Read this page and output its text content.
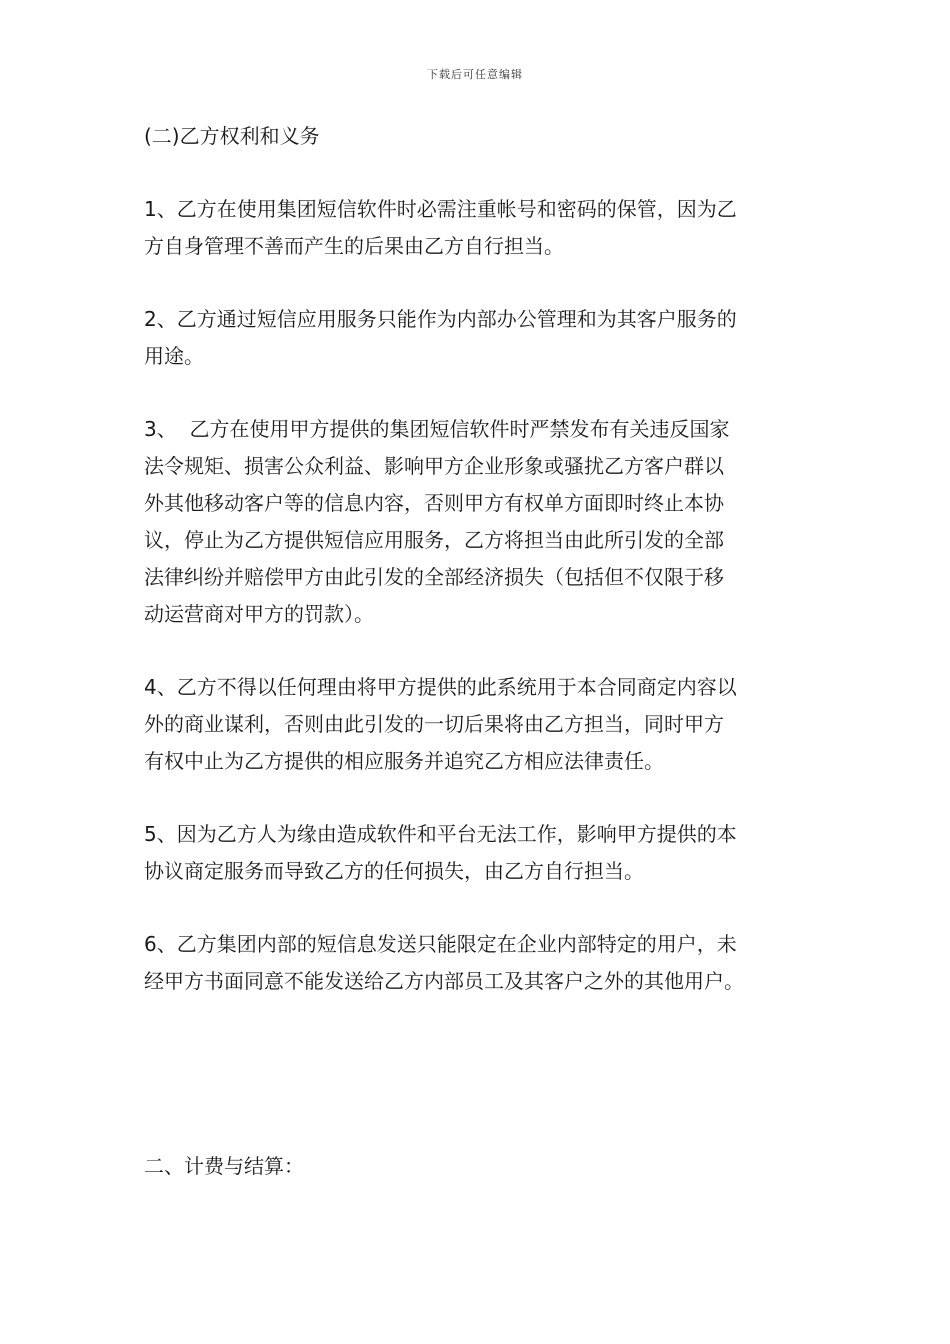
下载后可任意编辑
(二)乙方权利和义务
1、乙方在使用集团短信软件时必需注重帐号和密码的保管，因为乙
方自身管理不善而产生的后果由乙方自行担当。
2、乙方通过短信应用服务只能作为内部办公管理和为其客户服务的
用途。
3、  乙方在使用甲方提供的集团短信软件时严禁发布有关违反国家
法令规矩、损害公众利益、影响甲方企业形象或骚扰乙方客户群以
外其他移动客户等的信息内容，否则甲方有权单方面即时终止本协
议，停止为乙方提供短信应用服务，乙方将担当由此所引发的全部
法律纠纷并赔偿甲方由此引发的全部经济损失（包括但不仅限于移
动运营商对甲方的罚款）。
4、乙方不得以任何理由将甲方提供的此系统用于本合同商定内容以
外的商业谋利，否则由此引发的一切后果将由乙方担当，同时甲方
有权中止为乙方提供的相应服务并追究乙方相应法律责任。
5、因为乙方人为缘由造成软件和平台无法工作，影响甲方提供的本
协议商定服务而导致乙方的任何损失，由乙方自行担当。
6、乙方集团内部的短信息发送只能限定在企业内部特定的用户，未
经甲方书面同意不能发送给乙方内部员工及其客户之外的其他用户。
二、计费与结算：
